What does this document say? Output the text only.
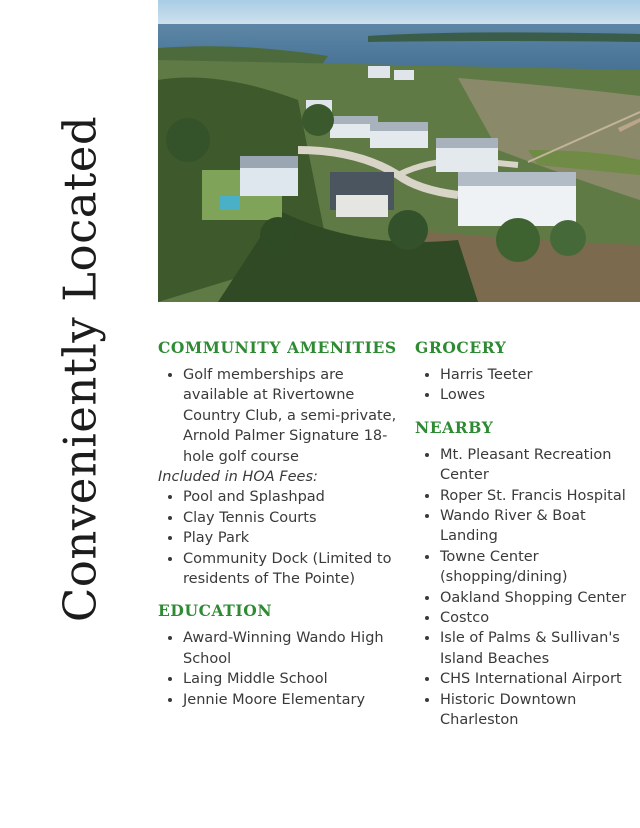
Conveniently Located	COMMUNITY AMENITIES
• Golf memberships are available at Rivertowne Country Club, a semi-private, Arnold Palmer Signature 18-hole golf course

Included in HOA Fees:

• Pool and Splashpad
• Clay Tennis Courts
• Play Park
• Community Dock (Limited to residents of The Pointe)
EDUCATION
• Award-Winning Wando High School
• Laing Middle School
• Jennie Moore Elementary
GROCERY
• Harris Teeter
• Lowes
NEARBY
• Mt. Pleasant Recreation Center
• Roper St. Francis Hospital
• Wando River & Boat Landing
• Towne Center (shopping/dining)
• Oakland Shopping Center
• Costco
• Isle of Palms & Sullivan's Island Beaches
• CHS International Airport
• Historic Downtown Charleston
